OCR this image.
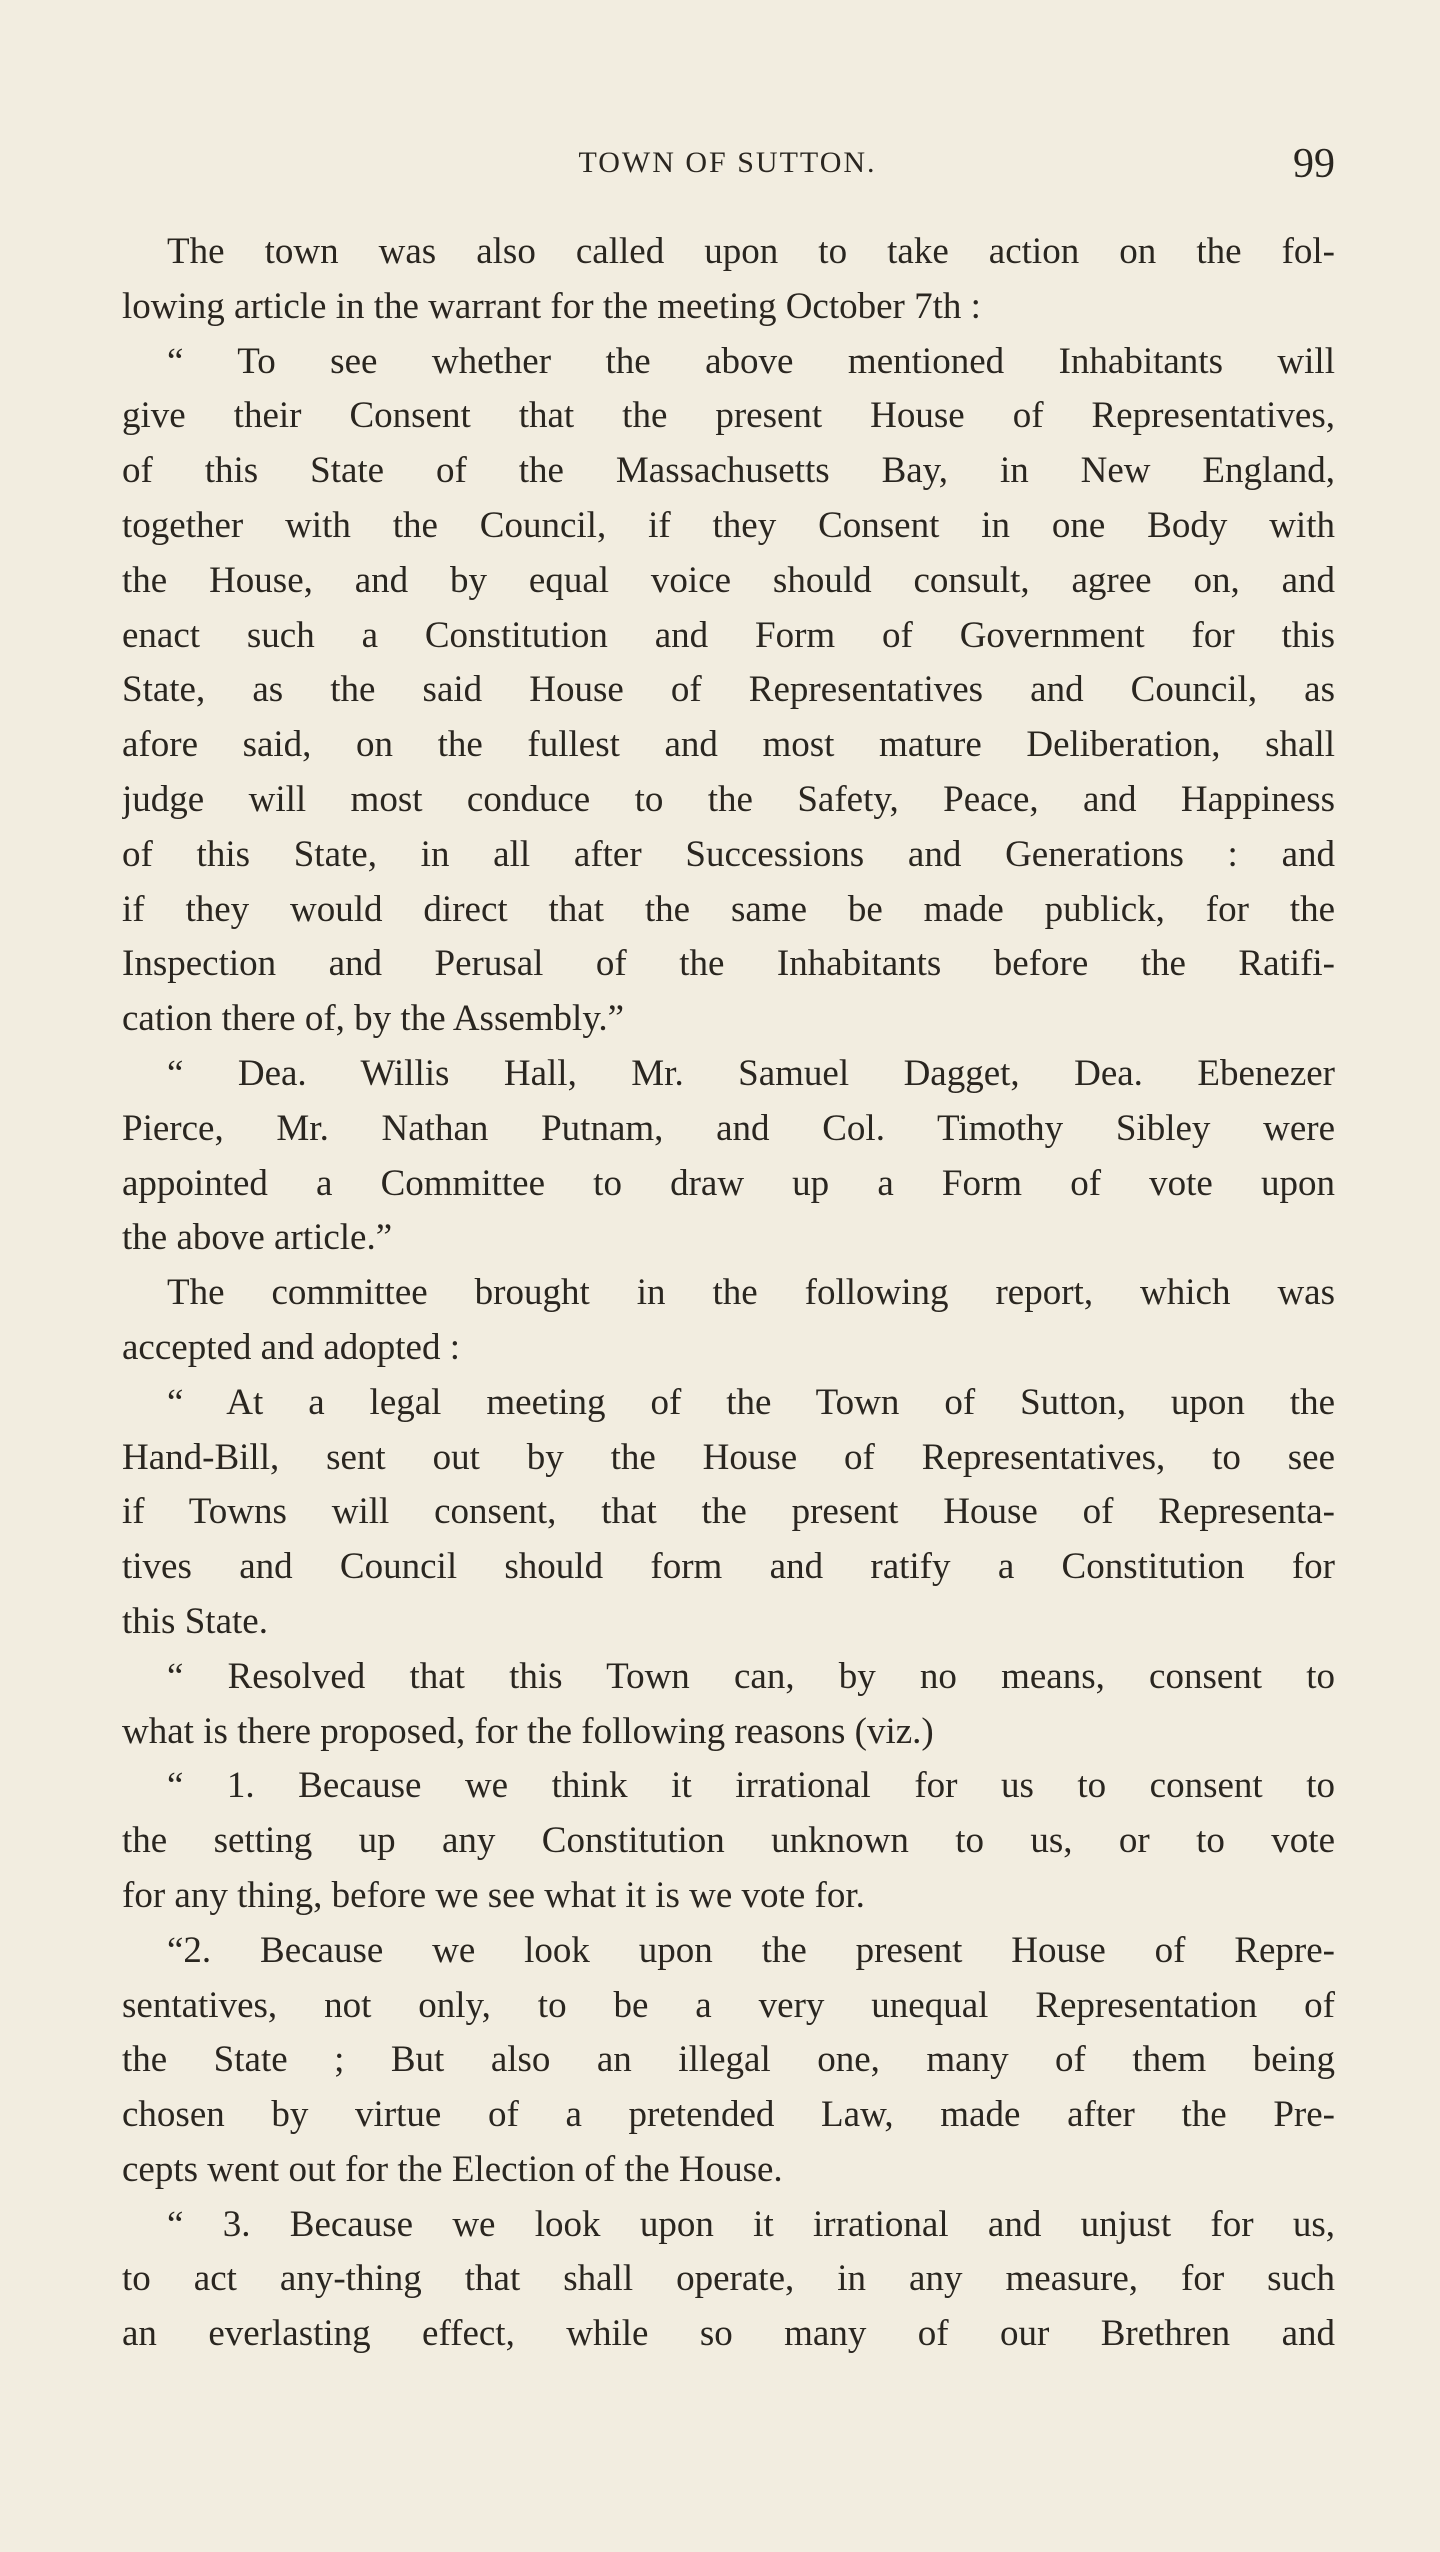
TOWN OF SUTTON.	99
The town was also called upon to take action on the fol-
lowing article in the warrant for the meeting October 7th :
“ To see whether the above mentioned Inhabitants will
give their Consent that the present House of Representatives,
of this State of the Massachusetts Bay, in New England,
together with the Council, if they Consent in one Body with
the House, and by equal voice should consult, agree on, and
enact such a Constitution and Form of Government for this
State, as the said House of Representatives and Council, as
afore said, on the fullest and most mature Deliberation, shall
judge will most conduce to the Safety, Peace, and Happiness
of this State, in all after Successions and Generations : and
if they would direct that the same be made publick, for the
Inspection and Perusal of the Inhabitants before the Ratifi-
cation there of, by the Assembly.”
“ Dea. Willis Hall, Mr. Samuel Dagget, Dea. Ebenezer
Pierce, Mr. Nathan Putnam, and Col. Timothy Sibley were
appointed a Committee to draw up a Form of vote upon
the above article.”
The committee brought in the following report, which was
accepted and adopted :
“ At a legal meeting of the Town of Sutton, upon the
Hand-Bill, sent out by the House of Representatives, to see
if Towns will consent, that the present House of Representa-
tives and Council should form and ratify a Constitution for
this State.
“ Resolved that this Town can, by no means, consent to
what is there proposed, for the following reasons (viz.)
“ 1. Because we think it irrational for us to consent to
the setting up any Constitution unknown to us, or to vote
for any thing, before we see what it is we vote for.
“2. Because we look upon the present House of Repre-
sentatives, not only, to be a very unequal Representation of
the State ; But also an illegal one, many of them being
chosen by virtue of a pretended Law, made after the Pre-
cepts went out for the Election of the House.
“ 3. Because we look upon it irrational and unjust for us,
to act any-thing that shall operate, in any measure, for such
an everlasting effect, while so many of our Brethren and
